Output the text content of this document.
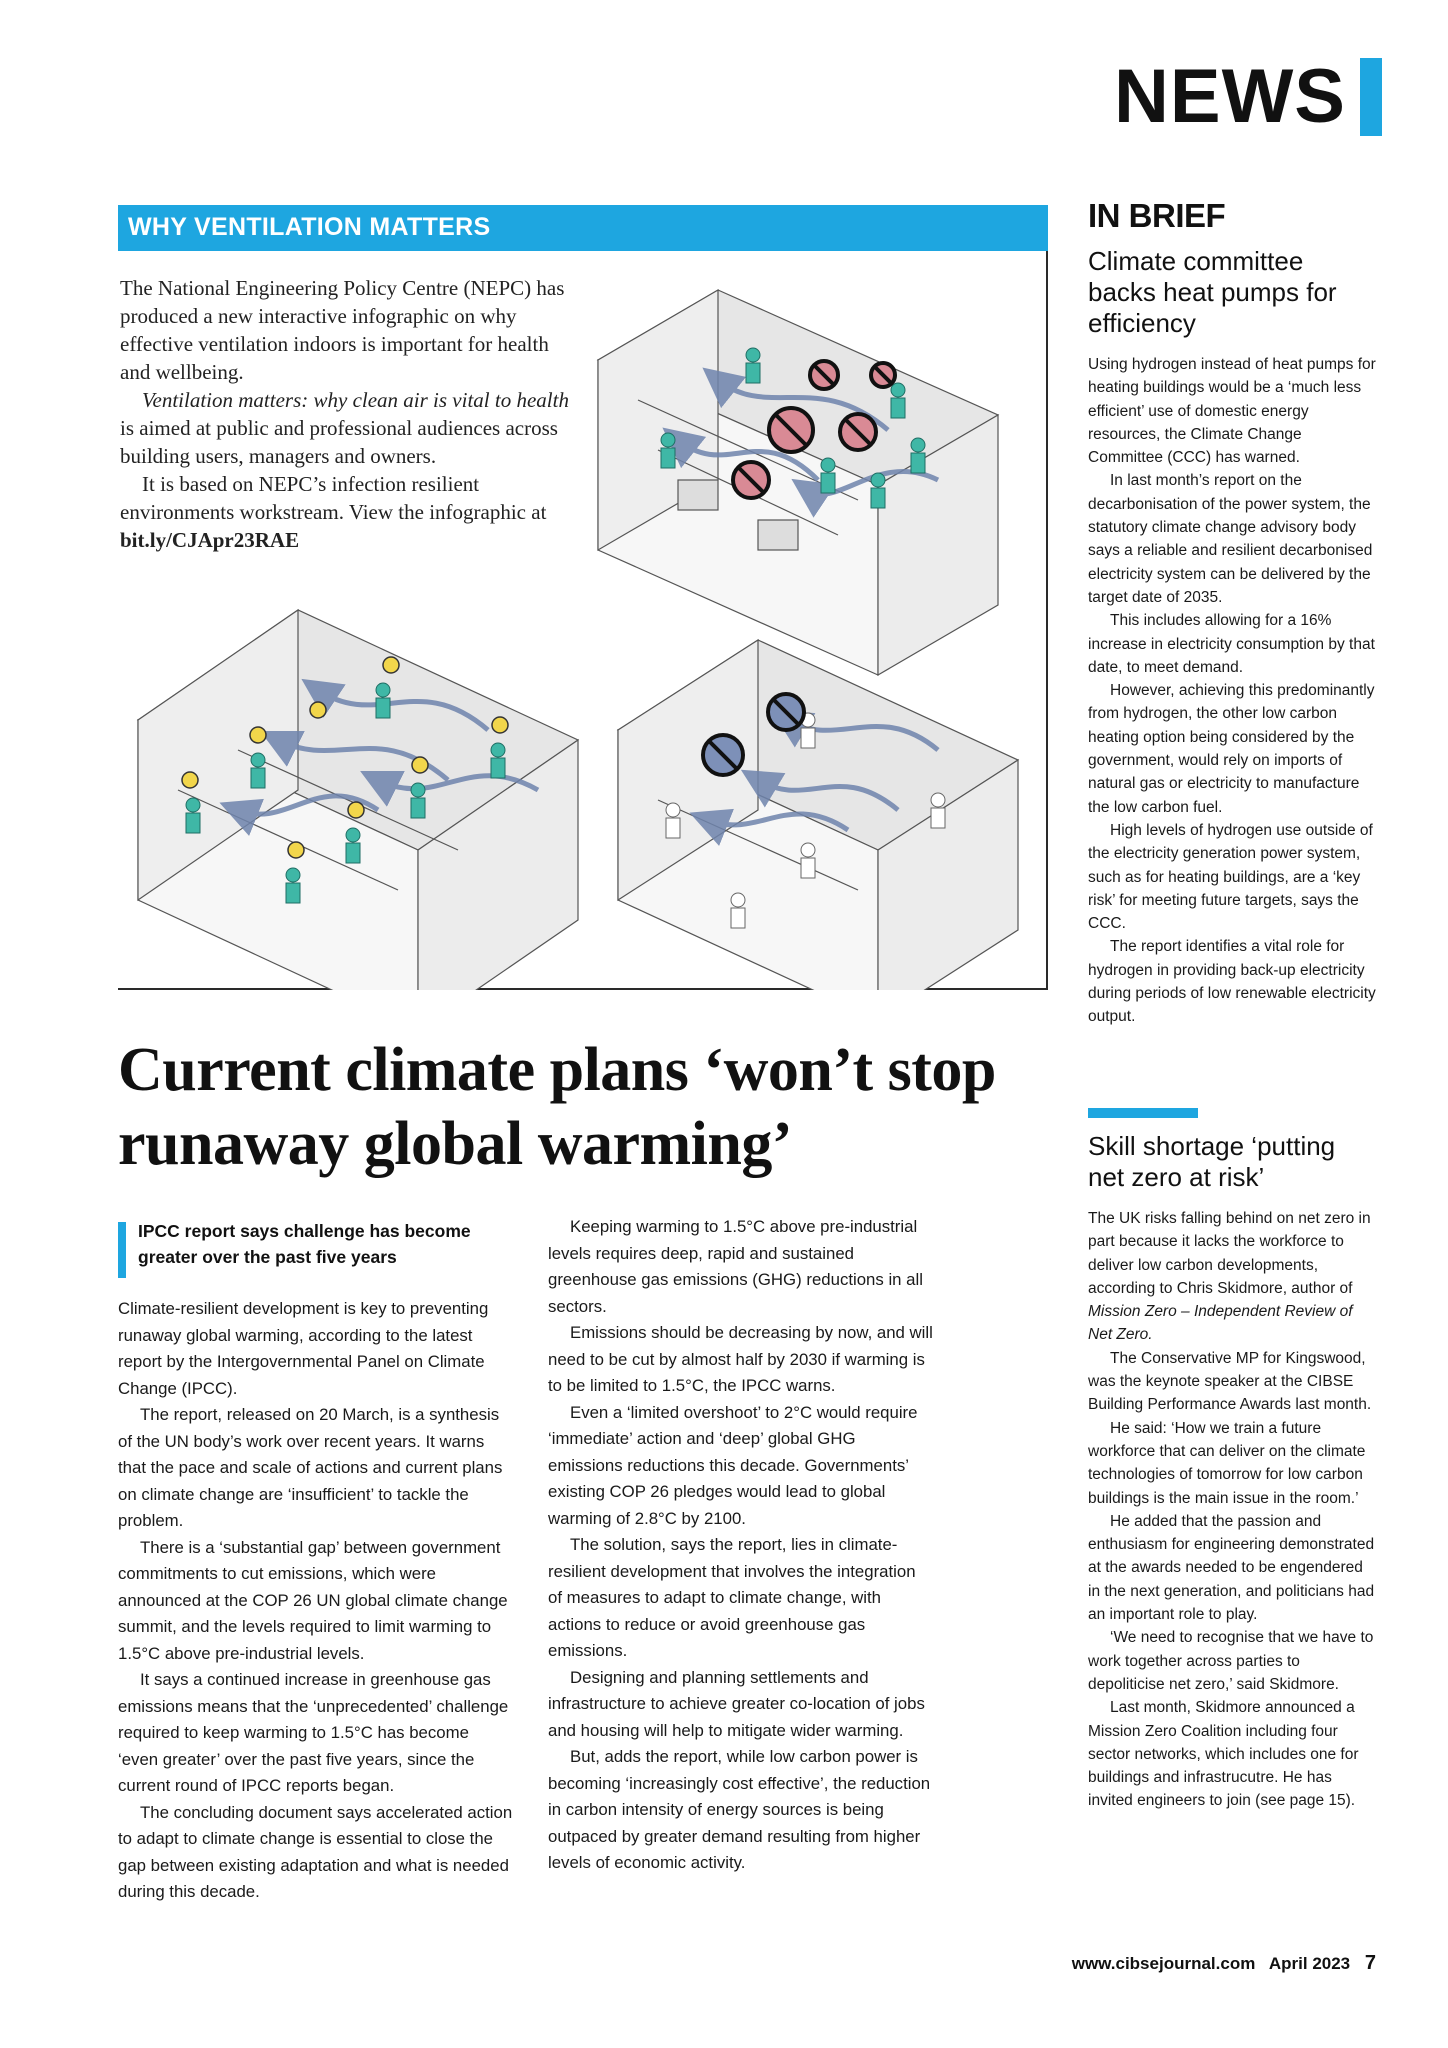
NEWS
WHY VENTILATION MATTERS

The National Engineering Policy Centre (NEPC) has produced a new interactive infographic on why effective ventilation indoors is important for health and wellbeing.

Ventilation matters: why clean air is vital to health is aimed at public and professional audiences across building users, managers and owners.

It is based on NEPC’s infection resilient environments workstream. View the infographic at bit.ly/CJApr23RAE

Current climate plans ‘won’t stop runaway global warming’
IPCC report says challenge has become greater over the past five years

Climate-resilient development is key to preventing runaway global warming, according to the latest report by the Intergovernmental Panel on Climate Change (IPCC).

The report, released on 20 March, is a synthesis of the UN body’s work over recent years. It warns that the pace and scale of actions and current plans on climate change are ‘insufficient’ to tackle the problem.

There is a ‘substantial gap’ between government commitments to cut emissions, which were announced at the COP 26 UN global climate change summit, and the levels required to limit warming to 1.5°C above pre-industrial levels.

It says a continued increase in greenhouse gas emissions means that the ‘unprecedented’ challenge required to keep warming to 1.5°C has become ‘even greater’ over the past five years, since the current round of IPCC reports began.

The concluding document says accelerated action to adapt to climate change is essential to close the gap between existing adaptation and what is needed during this decade.

Keeping warming to 1.5°C above pre-industrial levels requires deep, rapid and sustained greenhouse gas emissions (GHG) reductions in all sectors.

Emissions should be decreasing by now, and will need to be cut by almost half by 2030 if warming is to be limited to 1.5°C, the IPCC warns.

Even a ‘limited overshoot’ to 2°C would require ‘immediate’ action and ‘deep’ global GHG emissions reductions this decade. Governments’ existing COP 26 pledges would lead to global warming of 2.8°C by 2100.

The solution, says the report, lies in climate-resilient development that involves the integration of measures to adapt to climate change, with actions to reduce or avoid greenhouse gas emissions.

Designing and planning settlements and infrastructure to achieve greater co-location of jobs and housing will help to mitigate wider warming.

But, adds the report, while low carbon power is becoming ‘increasingly cost effective’, the reduction in carbon intensity of energy sources is being outpaced by greater demand resulting from higher levels of economic activity.

IN BRIEF
Climate committee backs heat pumps for efficiency

Using hydrogen instead of heat pumps for heating buildings would be a ‘much less efficient’ use of domestic energy resources, the Climate Change Committee (CCC) has warned.

In last month’s report on the decarbonisation of the power system, the statutory climate change advisory body says a reliable and resilient decarbonised electricity system can be delivered by the target date of 2035.

This includes allowing for a 16% increase in electricity consumption by that date, to meet demand.

However, achieving this predominantly from hydrogen, the other low carbon heating option being considered by the government, would rely on imports of natural gas or electricity to manufacture the low carbon fuel.

High levels of hydrogen use outside of the electricity generation power system, such as for heating buildings, are a ‘key risk’ for meeting future targets, says the CCC.

The report identifies a vital role for hydrogen in providing back-up electricity during periods of low renewable electricity output.

Skill shortage ‘putting net zero at risk’

The UK risks falling behind on net zero in part because it lacks the workforce to deliver low carbon developments, according to Chris Skidmore, author of Mission Zero – Independent Review of Net Zero.

The Conservative MP for Kingswood, was the keynote speaker at the CIBSE Building Performance Awards last month.

He said: ‘How we train a future workforce that can deliver on the climate technologies of tomorrow for low carbon buildings is the main issue in the room.’

He added that the passion and enthusiasm for engineering demonstrated at the awards needed to be engendered in the next generation, and politicians had an important role to play.

‘We need to recognise that we have to work together across parties to depoliticise net zero,’ said Skidmore.

Last month, Skidmore announced a Mission Zero Coalition including four sector networks, which includes one for buildings and infrastrucutre. He has invited engineers to join (see page 15).

www.cibsejournal.com April 2023 7
